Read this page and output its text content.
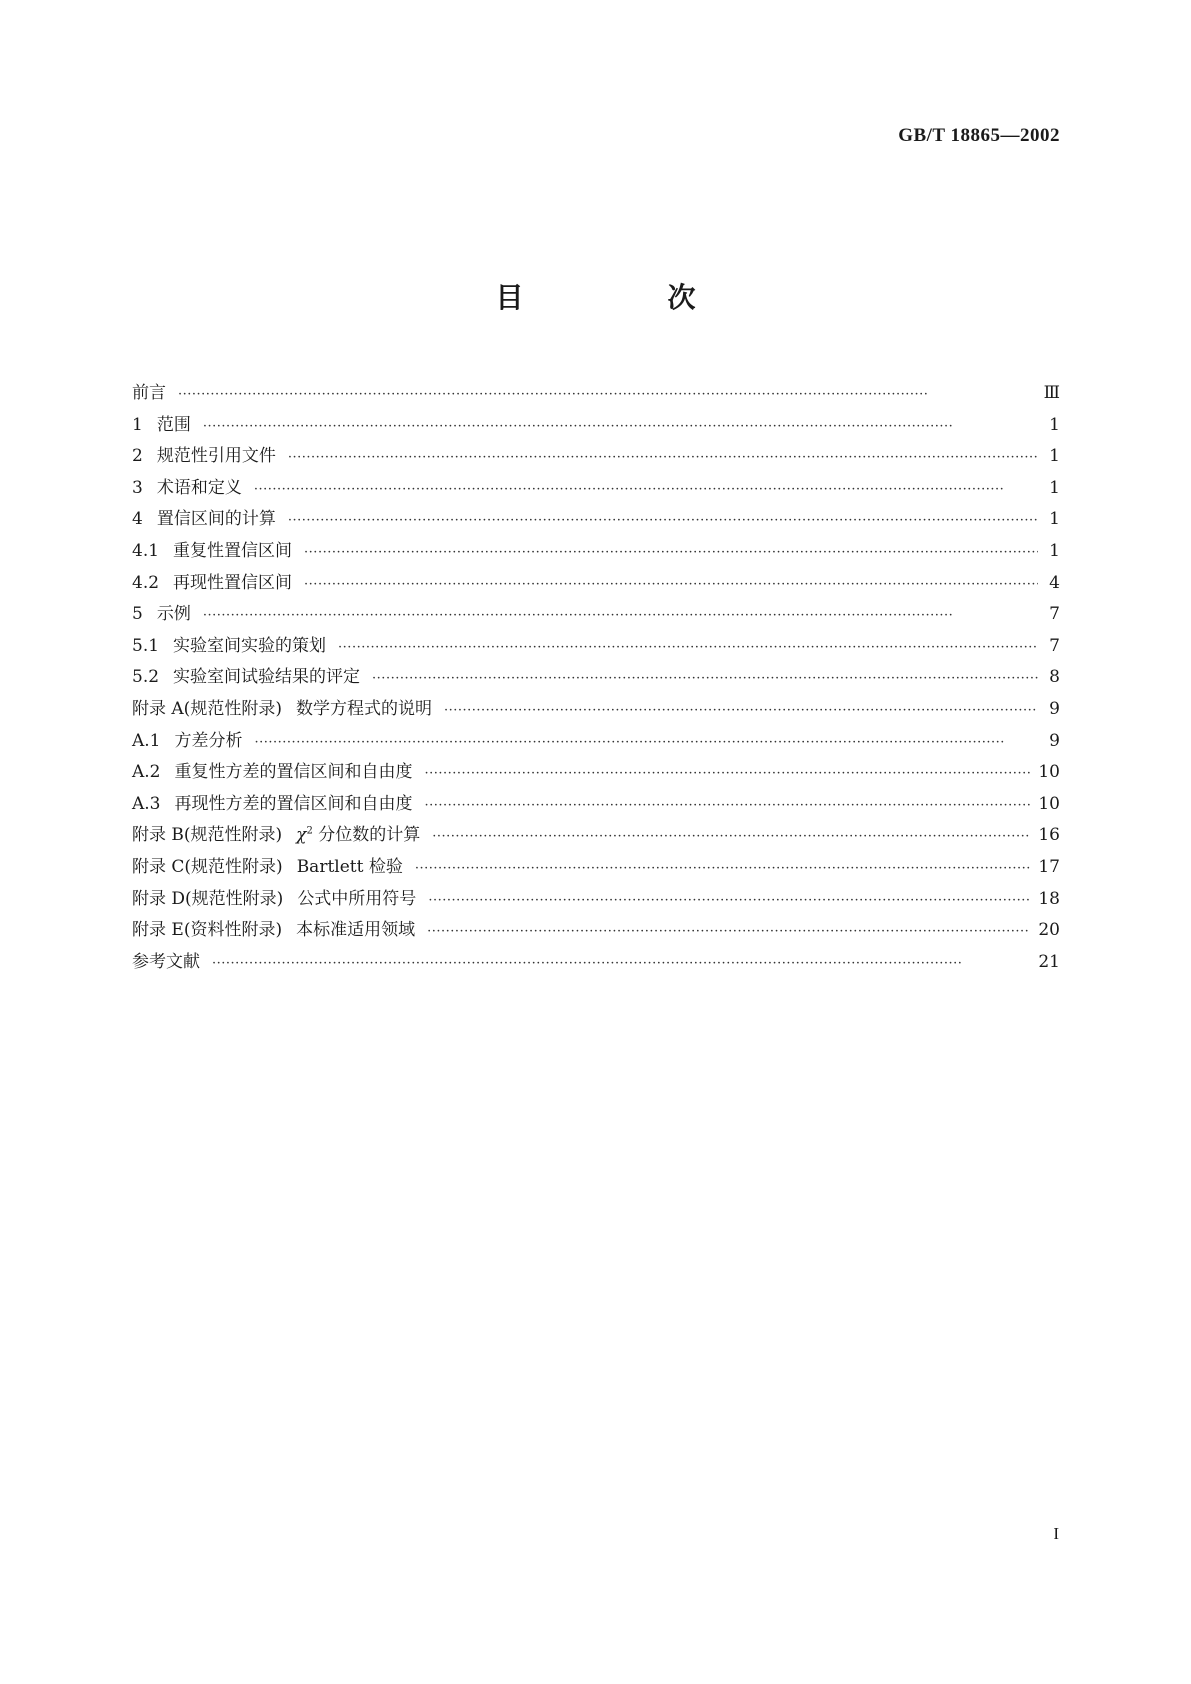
GB/T 18865—2002
目　次
前言 ·····	Ⅲ
1 范围 ·····	1
2 规范性引用文件 ·····	1
3 术语和定义 ·····	1
4 置信区间的计算 ·····	1
4.1 重复性置信区间 ·····	1
4.2 再现性置信区间 ·····	4
5 示例 ·····	7
5.1 实验室间实验的策划 ·····	7
5.2 实验室间试验结果的评定 ·····	8
附录 A(规范性附录) 数学方程式的说明 ·····	9
A.1 方差分析 ·····	9
A.2 重复性方差的置信区间和自由度 ·····	10
A.3 再现性方差的置信区间和自由度 ·····	10
附录 B(规范性附录) $\chi^2$ 分位数的计算 ·····	16
附录 C(规范性附录) Bartlett 检验 ·····	17
附录 D(规范性附录) 公式中所用符号 ·····	18
附录 E(资料性附录) 本标准适用领域 ·····	20
参考文献 ·····	21
I
